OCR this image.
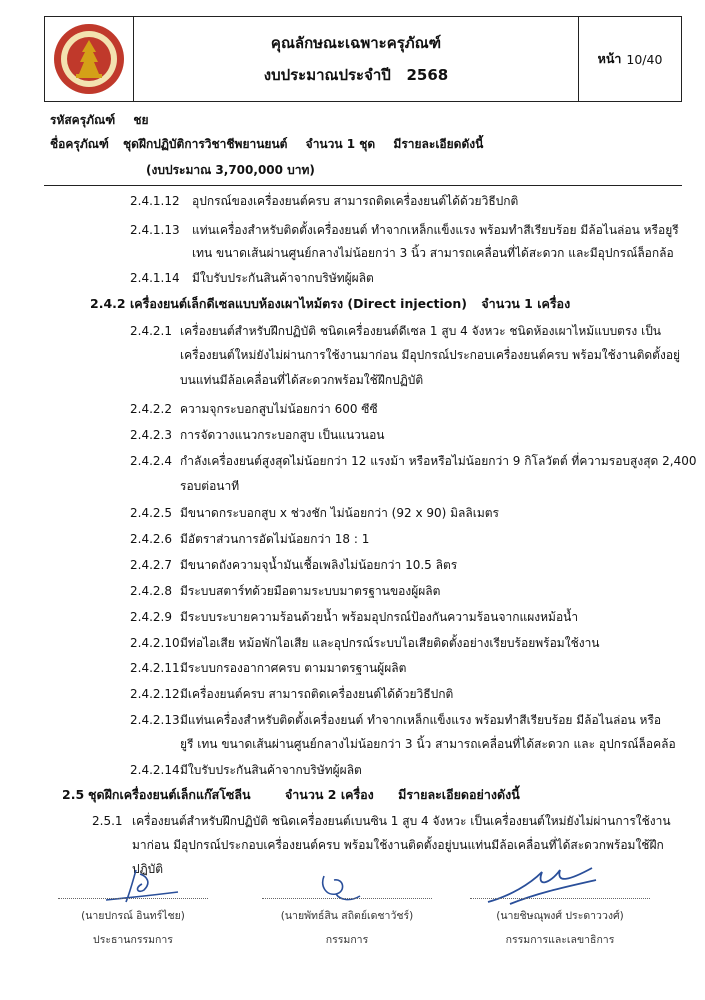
คุณลักษณะเฉพาะครุภัณฑ์
งบประมาณประจำปี   2568
หน้า 10/40
รหัสครุภัณฑ์ ชย
ชื่อครุภัณฑ์ ชุดฝึกปฏิบัติการวิชาชีพยานยนต์ จำนวน 1 ชุด มีรายละเอียดดังนี้
(งบประมาณ 3,700,000 บาท)
2.4.1.12 อุปกรณ์ของเครื่องยนต์ครบ สามารถติดเครื่องยนต์ได้ด้วยวิธีปกติ
2.4.1.13 แท่นเครื่องสำหรับติดตั้งเครื่องยนต์ ทำจากเหล็กแข็งแรง พร้อมทำสีเรียบร้อย มีล้อไนล่อน หรือยูรี
เทน ขนาดเส้นผ่านศูนย์กลางไม่น้อยกว่า 3 นิ้ว สามารถเคลื่อนที่ได้สะดวก และมีอุปกรณ์ล็อกล้อ
2.4.1.14 มีใบรับประกันสินค้าจากบริษัทผู้ผลิต
2.4.2 เครื่องยนต์เล็กดีเซลแบบห้องเผาไหม้ตรง (Direct injection) จำนวน 1 เครื่อง
2.4.2.1 เครื่องยนต์สำหรับฝึกปฏิบัติ ชนิดเครื่องยนต์ดีเซล 1 สูบ 4 จังหวะ ชนิดห้องเผาไหม้แบบตรง เป็น
เครื่องยนต์ใหม่ยังไม่ผ่านการใช้งานมาก่อน มีอุปกรณ์ประกอบเครื่องยนต์ครบ พร้อมใช้งานติดตั้งอยู่
บนแท่นมีล้อเคลื่อนที่ได้สะดวกพร้อมใช้ฝึกปฏิบัติ
2.4.2.2 ความจุกระบอกสูบไม่น้อยกว่า 600 ซีซี
2.4.2.3 การจัดวางแนวกระบอกสูบ เป็นแนวนอน
2.4.2.4 กำลังเครื่องยนต์สูงสุดไม่น้อยกว่า 12 แรงม้า หรือหรือไม่น้อยกว่า 9 กิโลวัตต์ ที่ความรอบสูงสุด 2,400
รอบต่อนาที
2.4.2.5 มีขนาดกระบอกสูบ x ช่วงชัก ไม่น้อยกว่า (92 x 90) มิลลิเมตร
2.4.2.6 มีอัตราส่วนการอัดไม่น้อยกว่า 18 : 1
2.4.2.7 มีขนาดถังความจุน้ำมันเชื้อเพลิงไม่น้อยกว่า 10.5 ลิตร
2.4.2.8 มีระบบสตาร์ทด้วยมือตามระบบมาตรฐานของผู้ผลิต
2.4.2.9 มีระบบระบายความร้อนด้วยน้ำ พร้อมอุปกรณ์ป้องกันความร้อนจากแผงหม้อน้ำ
2.4.2.10มีท่อไอเสีย หม้อพักไอเสีย และอุปกรณ์ระบบไอเสียติดตั้งอย่างเรียบร้อยพร้อมใช้งาน
2.4.2.11มีระบบกรองอากาศครบ ตามมาตรฐานผู้ผลิต
2.4.2.12มีเครื่องยนต์ครบ สามารถติดเครื่องยนต์ได้ด้วยวิธีปกติ
2.4.2.13มีแท่นเครื่องสำหรับติดตั้งเครื่องยนต์ ทำจากเหล็กแข็งแรง พร้อมทำสีเรียบร้อย มีล้อไนล่อน หรือ
ยูรี เทน ขนาดเส้นผ่านศูนย์กลางไม่น้อยกว่า 3 นิ้ว สามารถเคลื่อนที่ได้สะดวก และ อุปกรณ์ล็อคล้อ
2.4.2.14มีใบรับประกันสินค้าจากบริษัทผู้ผลิต
2.5 ชุดฝึกเครื่องยนต์เล็กแก๊สโซลีน	จำนวน 2 เครื่อง มีรายละเอียดอย่างดังนี้
2.5.1 เครื่องยนต์สำหรับฝึกปฏิบัติ ชนิดเครื่องยนต์เบนซิน 1 สูบ 4 จังหวะ เป็นเครื่องยนต์ใหม่ยังไม่ผ่านการใช้งาน
มาก่อน มีอุปกรณ์ประกอบเครื่องยนต์ครบ พร้อมใช้งานติดตั้งอยู่บนแท่นมีล้อเคลื่อนที่ได้สะดวกพร้อมใช้ฝึก
ปฏิบัติ
(นายปกรณ์ อินทร์ไชย)
ประธานกรรมการ
(นายพัทธ์สิน สถิตย์เดชาวัชร์)
กรรมการ
(นายชิษณุพงศ์ ประดาววงศ์)
กรรมการและเลขาธิการ
